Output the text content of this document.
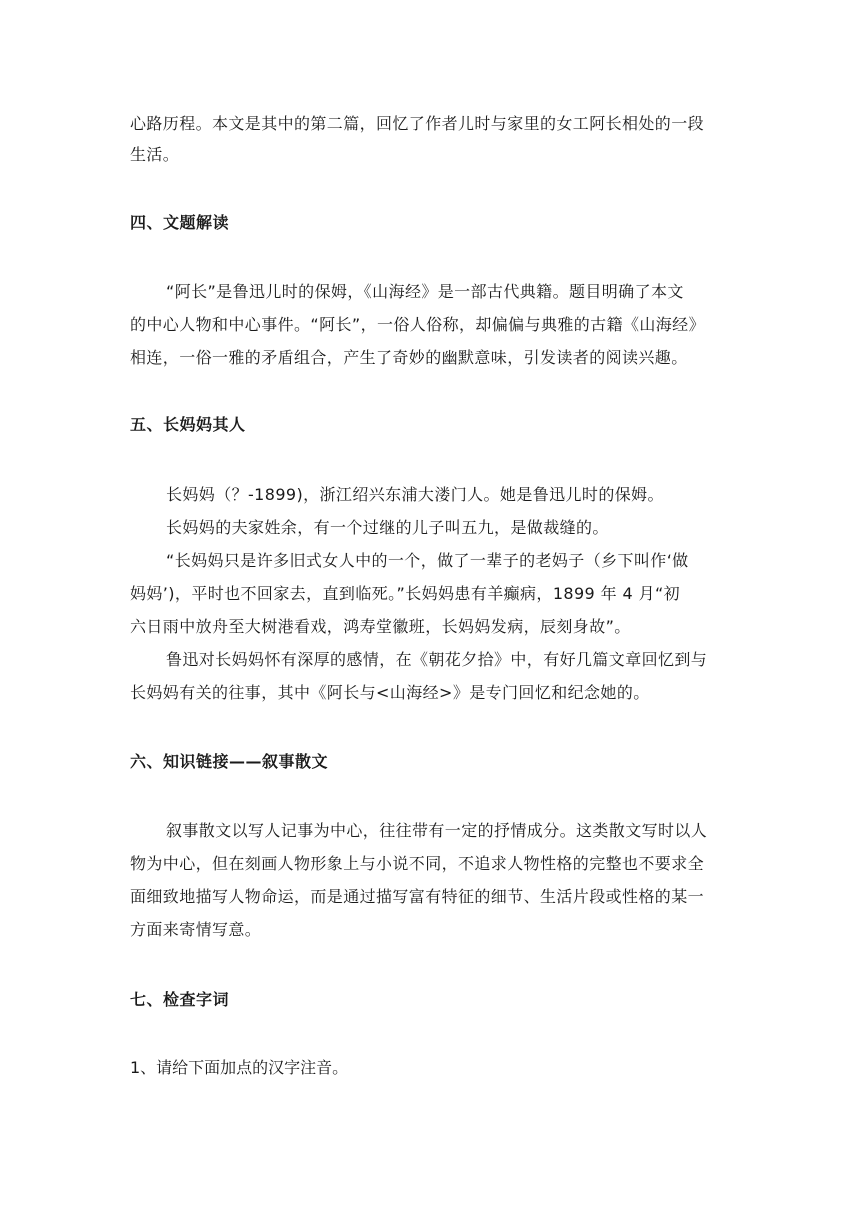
心路历程。本文是其中的第二篇，回忆了作者儿时与家里的女工阿长相处的一段

生活。

四、文题解读

“阿长”是鲁迅儿时的保姆，《山海经》是一部古代典籍。题目明确了本文

的中心人物和中心事件。“阿长”，一俗人俗称，却偏偏与典雅的古籍《山海经》

相连，一俗一雅的矛盾组合，产生了奇妙的幽默意味，引发读者的阅读兴趣。

五、长妈妈其人

长妈妈（？-1899)，浙江绍兴东浦大溇门人。她是鲁迅儿时的保姆。

长妈妈的夫家姓余，有一个过继的儿子叫五九，是做裁缝的。

“长妈妈只是许多旧式女人中的一个，做了一辈子的老妈子（乡下叫作‘做

妈妈’)，平时也不回家去，直到临死。”长妈妈患有羊癫病，1899 年 4 月“初

六日雨中放舟至大树港看戏，鸿寿堂徽班，长妈妈发病，辰刻身故”。

鲁迅对长妈妈怀有深厚的感情，在《朝花夕拾》中，有好几篇文章回忆到与

长妈妈有关的往事，其中《阿长与<山海经>》是专门回忆和纪念她的。

六、知识链接——叙事散文

叙事散文以写人记事为中心，往往带有一定的抒情成分。这类散文写时以人

物为中心，但在刻画人物形象上与小说不同，不追求人物性格的完整也不要求全

面细致地描写人物命运，而是通过描写富有特征的细节、生活片段或性格的某一

方面来寄情写意。

七、检查字词

1、请给下面加点的汉字注音。
